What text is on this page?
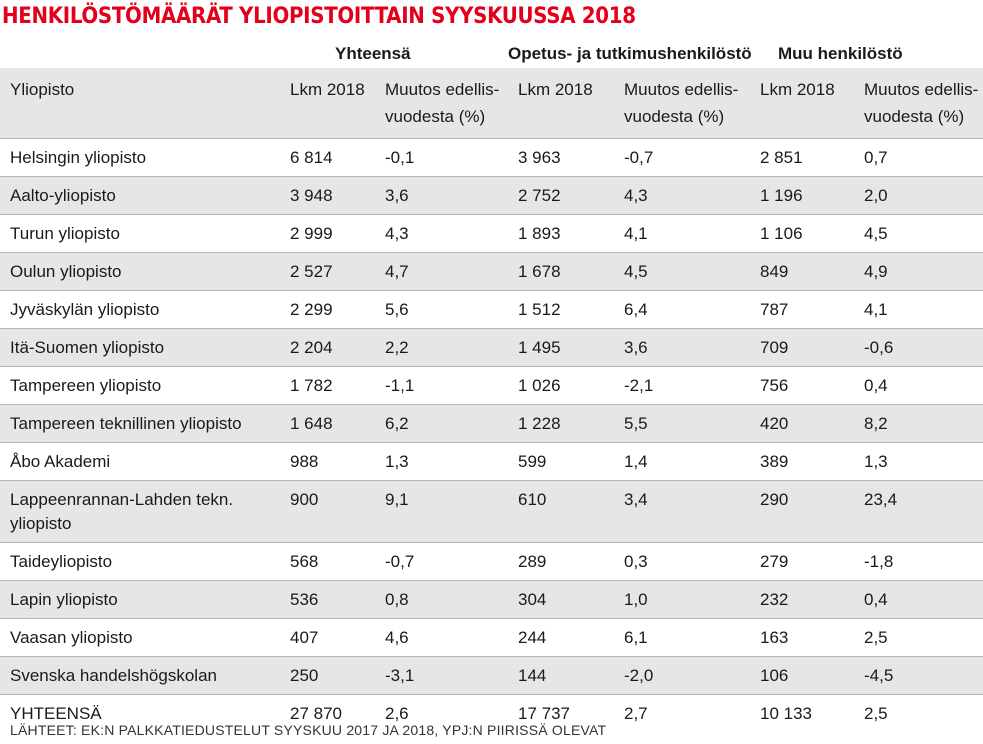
HENKILÖSTÖMÄÄRÄT YLIOPISTOITTAIN SYYSKUUSSA 2018
Yhteensä	Opetus- ja tutkimushenkilöstö Muu henkilöstö
Yliopisto	Lkm 2018	Muutos edellis-vuodesta (%)	Lkm 2018	Muutos edellis-vuodesta (%)	Lkm 2018	Muutos edellis-vuodesta (%)
Helsingin yliopisto	6 814	-0,1	3 963	-0,7	2 851	0,7
Aalto-yliopisto	3 948	3,6	2 752	4,3	1 196	2,0
Turun yliopisto	2 999	4,3	1 893	4,1	1 106	4,5
Oulun yliopisto	2 527	4,7	1 678	4,5	849	4,9
Jyväskylän yliopisto	2 299	5,6	1 512	6,4	787	4,1
Itä-Suomen yliopisto	2 204	2,2	1 495	3,6	709	-0,6
Tampereen yliopisto	1 782	-1,1	1 026	-2,1	756	0,4
Tampereen teknillinen yliopisto	1 648	6,2	1 228	5,5	420	8,2
Åbo Akademi	988	1,3	599	1,4	389	1,3
Lappeenrannan-Lahden tekn. yliopisto	900	9,1	610	3,4	290	23,4
Taideyliopisto	568	-0,7	289	0,3	279	-1,8
Lapin yliopisto	536	0,8	304	1,0	232	0,4
Vaasan yliopisto	407	4,6	244	6,1	163	2,5
Svenska handelshögskolan	250	-3,1	144	-2,0	106	-4,5
YHTEENSÄ	27 870	2,6	17 737	2,7	10 133	2,5
LÄHTEET: EK:N PALKKATIEDUSTELUT SYYSKUU 2017 JA 2018, YPJ:N PIIRISSÄ OLEVAT
